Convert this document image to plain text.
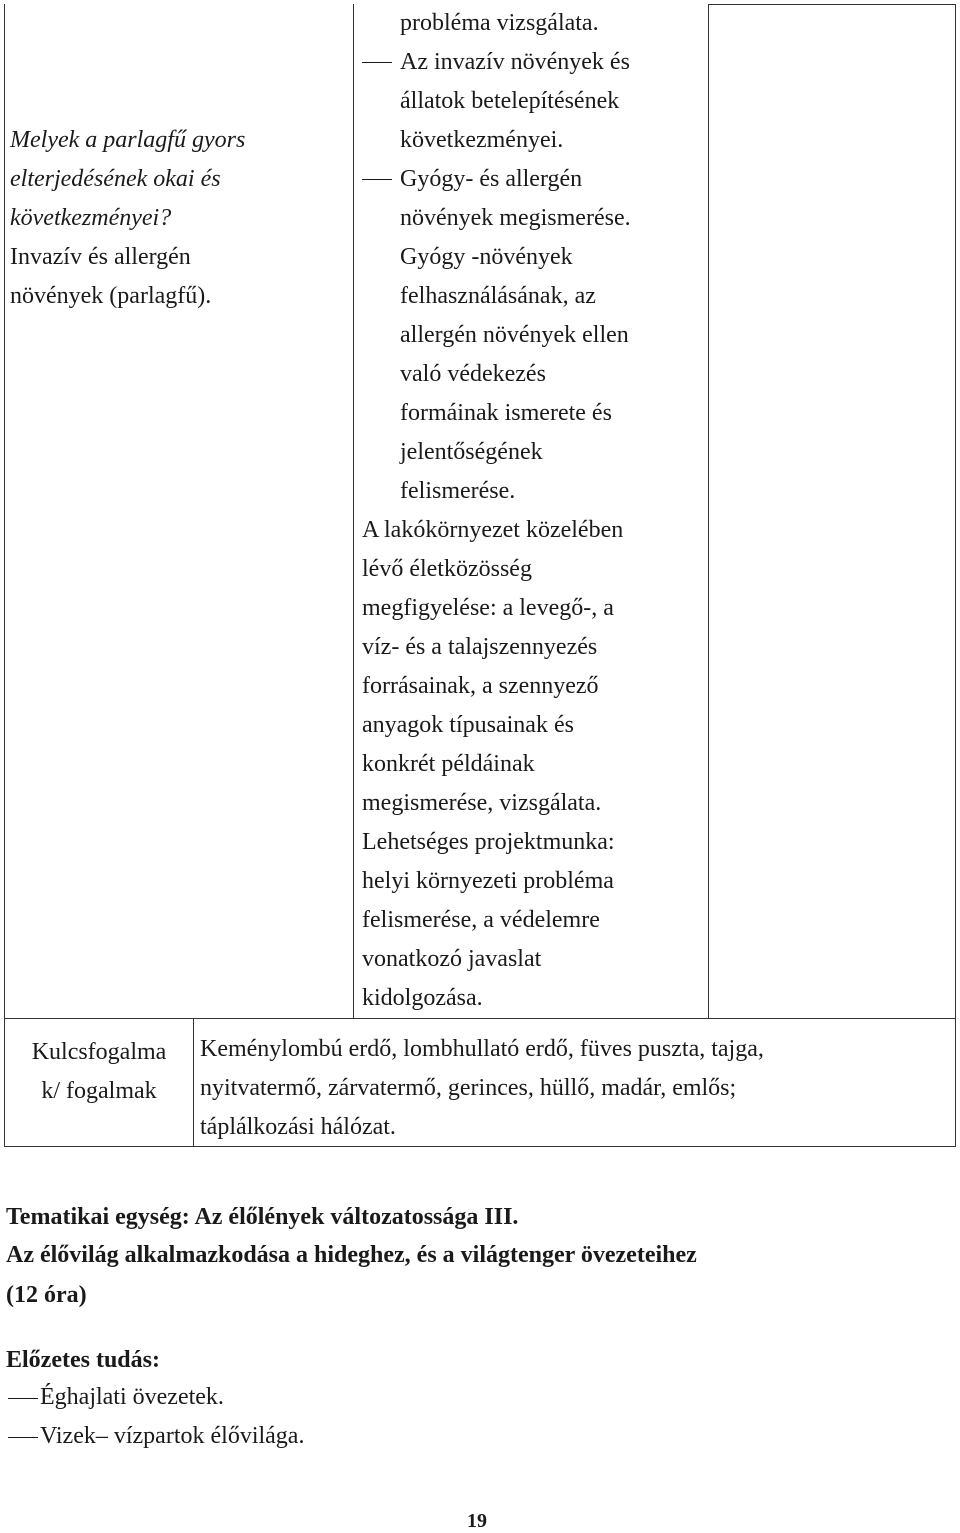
Melyek a parlagfű gyors
elterjedésének okai és
következményei?
Invazív és allergén
növények (parlagfű).
probléma vizsgálata.
Az invazív növények és
állatok betelepítésének
következményei.
Gyógy- és allergén
növények megismerése.
Gyógy -növények
felhasználásának, az
allergén növények ellen
való védekezés
formáinak ismerete és
jelentőségének
felismerése.
A lakókörnyezet közelében
lévő életközösség
megfigyelése: a levegő-, a
víz- és a talajszennyezés
forrásainak, a szennyező
anyagok típusainak és
konkrét példáinak
megismerése, vizsgálata.
Lehetséges projektmunka:
helyi környezeti probléma
felismerése, a védelemre
vonatkozó javaslat
kidolgozása.
Kulcsfogalma
k/ fogalmak
Keménylombú erdő, lombhullató erdő, füves puszta, tajga,
nyitvatermő, zárvatermő, gerinces, hüllő, madár, emlős;
táplálkozási hálózat.
Tematikai egység: Az élőlények változatossága III.
Az élővilág alkalmazkodása a hideghez, és a világtenger övezeteihez
(12 óra)
Előzetes tudás:
Éghajlati övezetek.
Vizek– vízpartok élővilága.
19
